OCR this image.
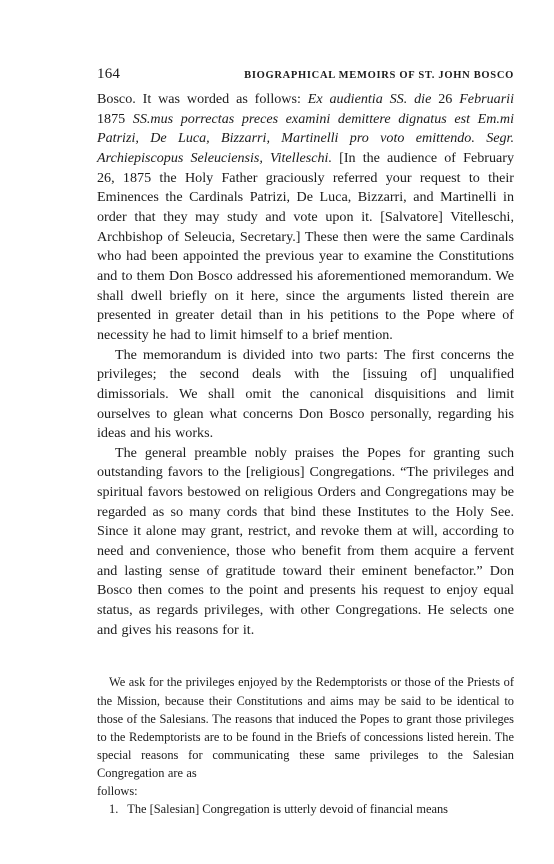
164	BIOGRAPHICAL MEMOIRS OF ST. JOHN BOSCO

Bosco. It was worded as follows: Ex audientia SS. die 26 Februarii 1875 SS.mus porrectas preces examini demittere dignatus est Em.mi Patrizi, De Luca, Bizzarri, Martinelli pro voto emittendo. Segr. Archiepiscopus Seleuciensis, Vitelleschi. [In the audience of February 26, 1875 the Holy Father graciously referred your request to their Eminences the Cardinals Patrizi, De Luca, Bizzarri, and Martinelli in order that they may study and vote upon it. [Salvatore] Vitelleschi, Archbishop of Seleucia, Secretary.] These then were the same Cardinals who had been appointed the previous year to examine the Constitutions and to them Don Bosco addressed his aforementioned memorandum. We shall dwell briefly on it here, since the arguments listed therein are presented in greater detail than in his petitions to the Pope where of necessity he had to limit himself to a brief mention.

The memorandum is divided into two parts: The first concerns the privileges; the second deals with the [issuing of] unqualified dimissorials. We shall omit the canonical disquisitions and limit ourselves to glean what concerns Don Bosco personally, regarding his ideas and his works.

The general preamble nobly praises the Popes for granting such outstanding favors to the [religious] Congregations. “The privileges and spiritual favors bestowed on religious Orders and Congregations may be regarded as so many cords that bind these Institutes to the Holy See. Since it alone may grant, restrict, and revoke them at will, according to need and convenience, those who benefit from them acquire a fervent and lasting sense of gratitude toward their eminent benefactor.” Don Bosco then comes to the point and presents his request to enjoy equal status, as regards privileges, with other Congregations. He selects one and gives his reasons for it.

We ask for the privileges enjoyed by the Redemptorists or those of the Priests of the Mission, because their Constitutions and aims may be said to be identical to those of the Salesians. The reasons that induced the Popes to grant those privileges to the Redemptorists are to be found in the Briefs of concessions listed herein. The special reasons for communicating these same privileges to the Salesian Congregation are as

follows:

1. The [Salesian] Congregation is utterly devoid of financial means
